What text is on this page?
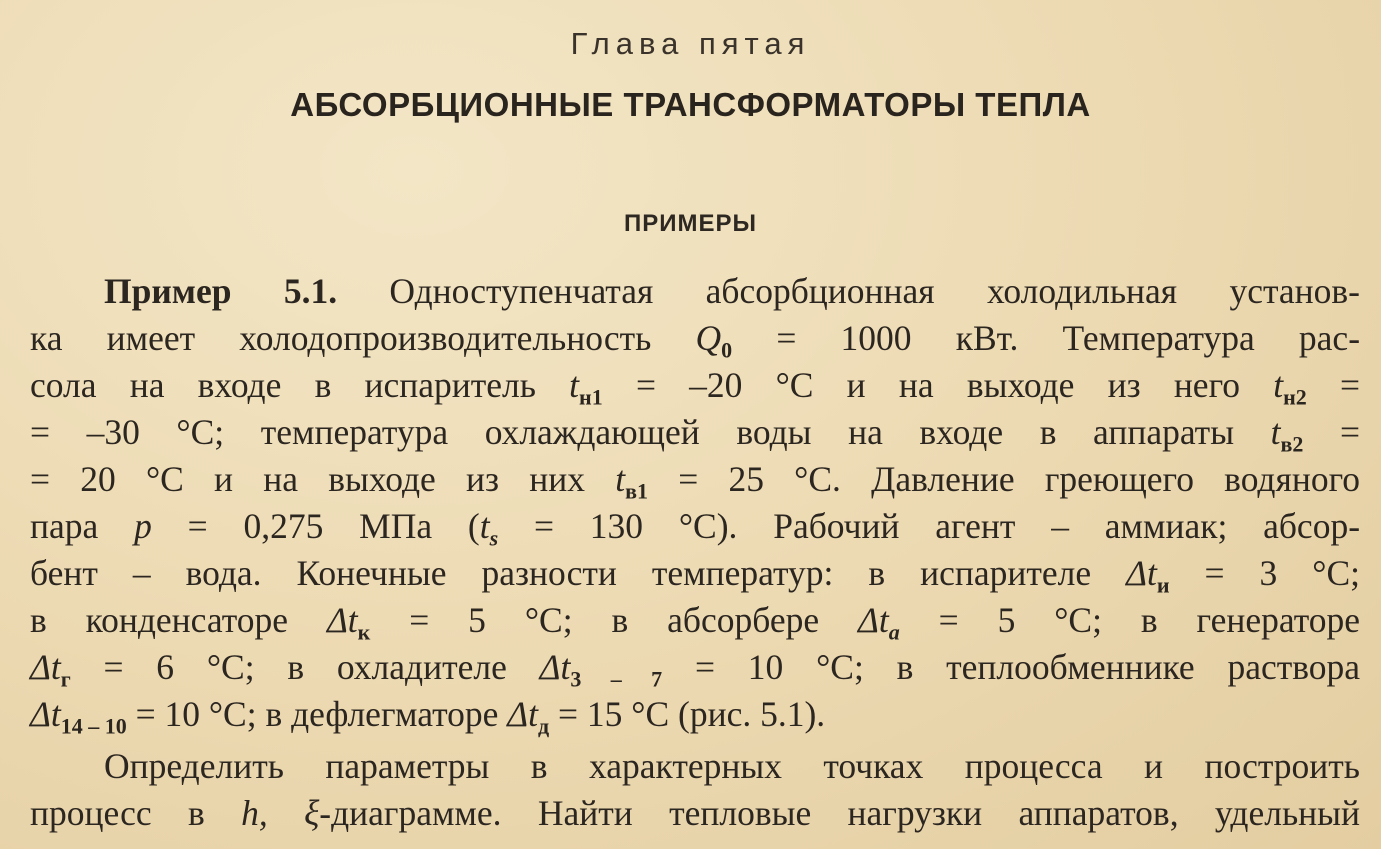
Глава пятая
АБСОРБЦИОННЫЕ ТРАНСФОРМАТОРЫ ТЕПЛА
ПРИМЕРЫ
Пример 5.1. Одноступенчатая абсорбционная холодильная установ-
ка имеет холодопроизводительность $Q_0 = 1000$ кВт. Температура рас-
сола на входе в испаритель $t_{н1} = -20$ °С и на выходе из него $t_{н2}$ =
= –30 °С; температура охлаждающей воды на входе в аппараты $t_{в2}$ =
= 20 °С и на выходе из них $t_{в1} = 25$ °С. Давление греющего водяного
пара p = 0,275 МПа ($t_s = 130$ °С). Рабочий агент – аммиак; абсор-
бент – вода. Конечные разности температур: в испарителе $\Delta t_и = 3$ °С;
в конденсаторе $\Delta t_к = 5$ °С; в абсорбере $\Delta t_a = 5$ °С; в генераторе
$\Delta t_г = 6$ °С; в охладителе $\Delta t_{3 - 7} = 10$ °С; в теплообменнике раствора
$\Delta t_{14 - 10} = 10$ °С; в дефлегматоре $\Delta t_д = 15$ °С (рис. 5.1).
Определить параметры в характерных точках процесса и построить
процесс в h, ξ-диаграмме. Найти тепловые нагрузки аппаратов, удельный
